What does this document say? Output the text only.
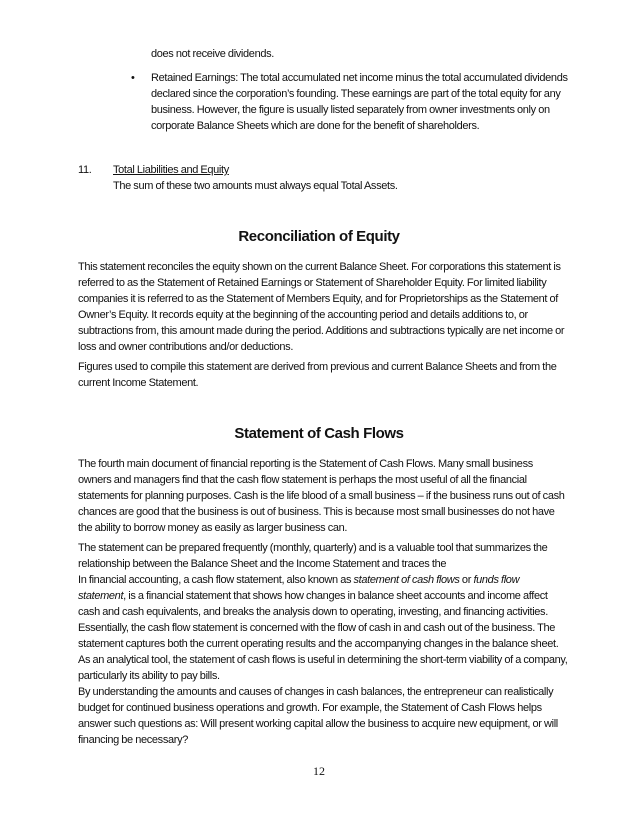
does not receive dividends.
• Retained Earnings: The total accumulated net income minus the total accumulated dividends declared since the corporation’s founding. These earnings are part of the total equity for any business. However, the figure is usually listed separately from owner investments only on corporate Balance Sheets which are done for the benefit of shareholders.
11. Total Liabilities and Equity
The sum of these two amounts must always equal Total Assets.
Reconciliation of Equity

This statement reconciles the equity shown on the current Balance Sheet. For corporations this statement is referred to as the Statement of Retained Earnings or Statement of Shareholder Equity. For limited liability companies it is referred to as the Statement of Members Equity, and for Proprietorships as the Statement of Owner’s Equity. It records equity at the beginning of the accounting period and details additions to, or subtractions from, this amount made during the period. Additions and subtractions typically are net income or loss and owner contributions and/or deductions.

Figures used to compile this statement are derived from previous and current Balance Sheets and from the current Income Statement.

Statement of Cash Flows

The fourth main document of financial reporting is the Statement of Cash Flows. Many small business owners and managers find that the cash flow statement is perhaps the most useful of all the financial statements for planning purposes. Cash is the life blood of a small business – if the business runs out of cash chances are good that the business is out of business. This is because most small businesses do not have the ability to borrow money as easily as larger business can.

The statement can be prepared frequently (monthly, quarterly) and is a valuable tool that summarizes the relationship between the Balance Sheet and the Income Statement and traces the
In financial accounting, a cash flow statement, also known as statement of cash flows or funds flow statement, is a financial statement that shows how changes in balance sheet accounts and income affect cash and cash equivalents, and breaks the analysis down to operating, investing, and financing activities. Essentially, the cash flow statement is concerned with the flow of cash in and cash out of the business. The statement captures both the current operating results and the accompanying changes in the balance sheet. As an analytical tool, the statement of cash flows is useful in determining the short-term viability of a company, particularly its ability to pay bills.

By understanding the amounts and causes of changes in cash balances, the entrepreneur can realistically budget for continued business operations and growth. For example, the Statement of Cash Flows helps answer such questions as: Will present working capital allow the business to acquire new equipment, or will financing be necessary?

12
